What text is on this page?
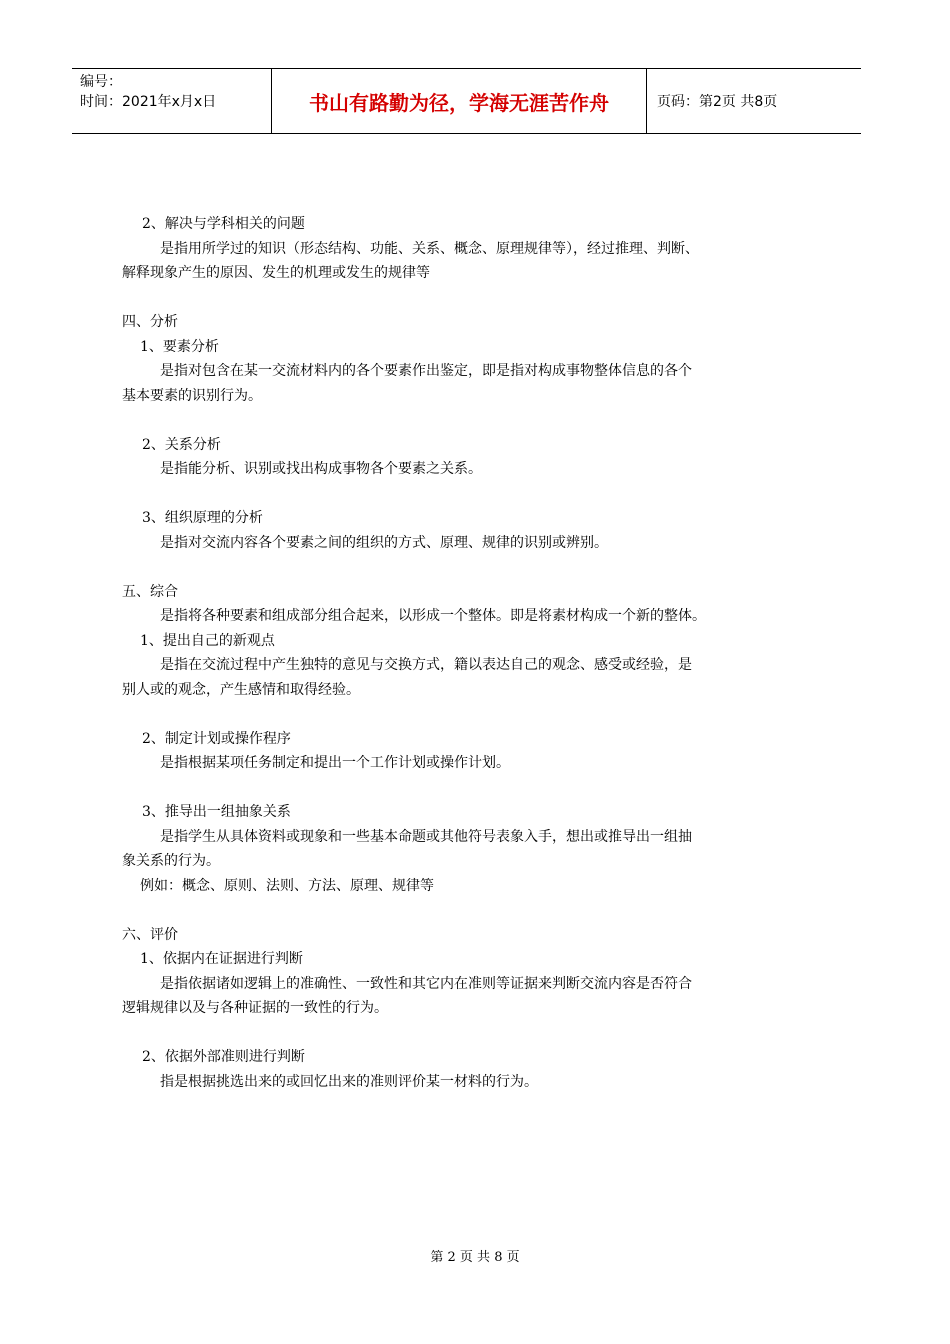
编号：
时间：2021年x月x日	书山有路勤为径，学海无涯苦作舟	页码：第2页 共8页
2、解决与学科相关的问题
是指用所学过的知识（形态结构、功能、关系、概念、原理规律等），经过推理、判断、
解释现象产生的原因、发生的机理或发生的规律等
四、分析
1、要素分析
是指对包含在某一交流材料内的各个要素作出鉴定，即是指对构成事物整体信息的各个
基本要素的识别行为。
2、关系分析
是指能分析、识别或找出构成事物各个要素之关系。
3、组织原理的分析
是指对交流内容各个要素之间的组织的方式、原理、规律的识别或辨别。
五、综合
是指将各种要素和组成部分组合起来，以形成一个整体。即是将素材构成一个新的整体。
1、提出自己的新观点
是指在交流过程中产生独特的意见与交换方式，籍以表达自己的观念、感受或经验，是
别人或的观念，产生感情和取得经验。
2、制定计划或操作程序
是指根据某项任务制定和提出一个工作计划或操作计划。
3、推导出一组抽象关系
是指学生从具体资料或现象和一些基本命题或其他符号表象入手，想出或推导出一组抽
象关系的行为。
例如：概念、原则、法则、方法、原理、规律等
六、评价
1、依据内在证据进行判断
是指依据诸如逻辑上的准确性、一致性和其它内在准则等证据来判断交流内容是否符合
逻辑规律以及与各种证据的一致性的行为。
2、依据外部准则进行判断
指是根据挑选出来的或回忆出来的准则评价某一材料的行为。
第 2 页 共 8 页
